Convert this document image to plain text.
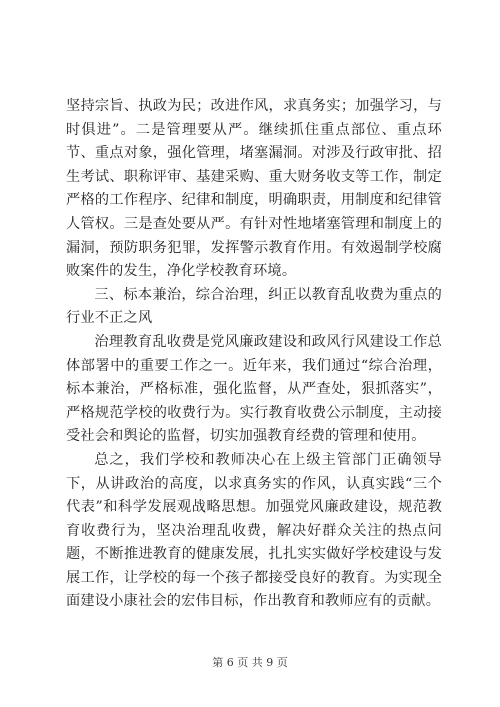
坚持宗旨、执政为民；改进作风，求真务实；加强学习，与时俱进”。二是管理要从严。继续抓住重点部位、重点环节、重点对象，强化管理，堵塞漏洞。对涉及行政审批、招生考试、职称评审、基建采购、重大财务收支等工作，制定严格的工作程序、纪律和制度，明确职责，用制度和纪律管人管权。三是查处要从严。有针对性地堵塞管理和制度上的漏洞，预防职务犯罪，发挥警示教育作用。有效遏制学校腐败案件的发生，净化学校教育环境。

三、标本兼治，综合治理，纠正以教育乱收费为重点的行业不正之风

治理教育乱收费是党风廉政建设和政风行风建设工作总体部署中的重要工作之一。近年来，我们通过“综合治理，标本兼治，严格标准，强化监督，从严查处，狠抓落实”，严格规范学校的收费行为。实行教育收费公示制度，主动接受社会和舆论的监督，切实加强教育经费的管理和使用。

总之，我们学校和教师决心在上级主管部门正确领导下，从讲政治的高度，以求真务实的作风，认真实践“三个代表”和科学发展观战略思想。加强党风廉政建设，规范教育收费行为，坚决治理乱收费，解决好群众关注的热点问题，不断推进教育的健康发展，扎扎实实做好学校建设与发展工作，让学校的每一个孩子都接受良好的教育。为实现全面建设小康社会的宏伟目标，作出教育和教师应有的贡献。

第 6 页 共 9 页
